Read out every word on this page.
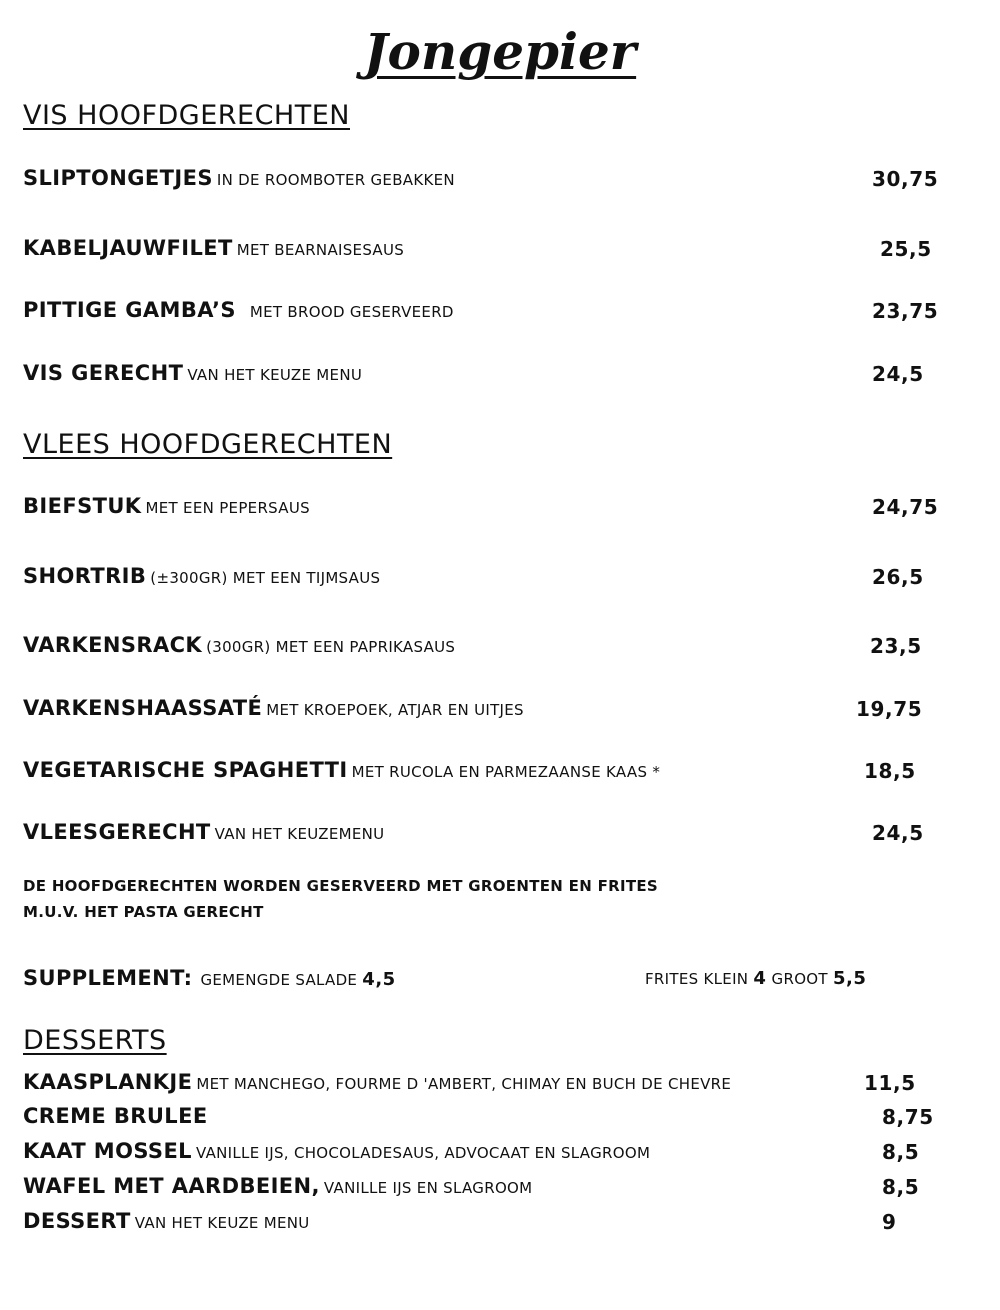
Jongepier
VIS HOOFDGERECHTEN
SLIPTONGETJES IN DE ROOMBOTER GEBAKKEN	30,75
KABELJAUWFILET MET BEARNAISESAUS	25,5
PITTIGE GAMBA’S MET BROOD GESERVEERD	23,75
VIS GERECHT VAN HET KEUZE MENU	24,5
VLEES HOOFDGERECHTEN
BIEFSTUK MET EEN PEPERSAUS	24,75
SHORTRIB (±300GR) MET EEN TIJMSAUS	26,5
VARKENSRACK (300GR) MET EEN PAPRIKASAUS	23,5
VARKENSHAASSATÉ MET KROEPOEK, ATJAR EN UITJES	19,75
VEGETARISCHE SPAGHETTI MET RUCOLA EN PARMEZAANSE KAAS *	18,5
VLEESGERECHT VAN HET KEUZEMENU	24,5
DE HOOFDGERECHTEN WORDEN GESERVEERD MET GROENTEN EN FRITES
M.U.V. HET PASTA GERECHT
SUPPLEMENT: GEMENGDE SALADE 4,5	FRITES KLEIN 4 GROOT 5,5
DESSERTS
KAASPLANKJE MET MANCHEGO, FOURME D 'AMBERT, CHIMAY EN BUCH DE CHEVRE	11,5
CREME BRULEE	8,75
KAAT MOSSEL VANILLE IJS, CHOCOLADESAUS, ADVOCAAT EN SLAGROOM	8,5
WAFEL MET AARDBEIEN, VANILLE IJS EN SLAGROOM	8,5
DESSERT VAN HET KEUZE MENU	9
